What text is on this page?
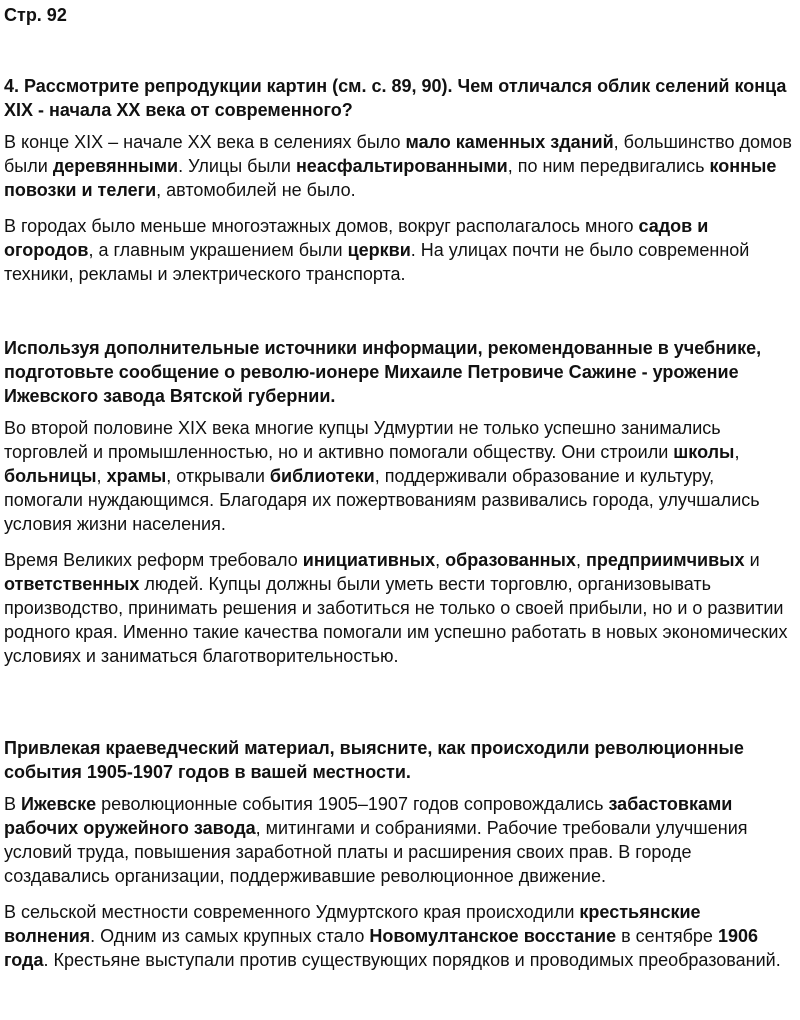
Стр. 92

4. Рассмотрите репродукции картин (см. с. 89, 90). Чем отличался облик селений конца XIX - начала XX века от современного?

В конце XIX – начале XX века в селениях было мало каменных зданий, большинство домов были деревянными. Улицы были неасфальтированными, по ним передвигались конные повозки и телеги, автомобилей не было.

В городах было меньше многоэтажных домов, вокруг располагалось много садов и огородов, а главным украшением были церкви. На улицах почти не было современной техники, рекламы и электрического транспорта.

Используя дополнительные источники информации, рекомендованные в учебнике, подготовьте сообщение о револю-ионере Михаиле Петровиче Сажине - урожение Ижевского завода Вятской губернии.

Во второй половине XIX века многие купцы Удмуртии не только успешно занимались торговлей и промышленностью, но и активно помогали обществу. Они строили школы, больницы, храмы, открывали библиотеки, поддерживали образование и культуру, помогали нуждающимся. Благодаря их пожертвованиям развивались города, улучшались условия жизни населения.

Время Великих реформ требовало инициативных, образованных, предприимчивых и ответственных людей. Купцы должны были уметь вести торговлю, организовывать производство, принимать решения и заботиться не только о своей прибыли, но и о развитии родного края. Именно такие качества помогали им успешно работать в новых экономических условиях и заниматься благотворительностью.

Привлекая краеведческий материал, выясните, как происходили революционные события 1905-1907 годов в вашей местности.

В Ижевске революционные события 1905–1907 годов сопровождались забастовками рабочих оружейного завода, митингами и собраниями. Рабочие требовали улучшения условий труда, повышения заработной платы и расширения своих прав. В городе создавались организации, поддерживавшие революционное движение.

В сельской местности современного Удмуртского края происходили крестьянские волнения. Одним из самых крупных стало Новомултанское восстание в сентябре 1906 года. Крестьяне выступали против существующих порядков и проводимых преобразований.
